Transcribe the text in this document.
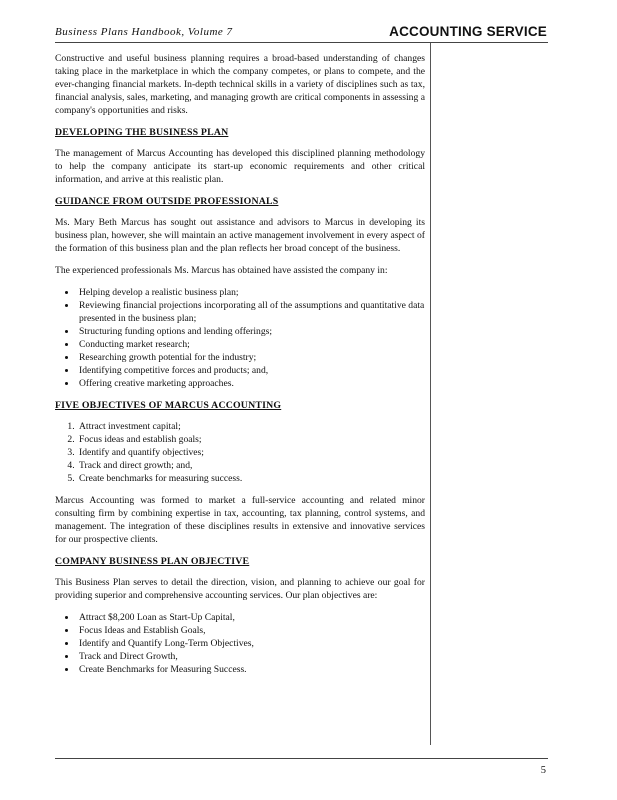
Business Plans Handbook, Volume 7	ACCOUNTING SERVICE

Constructive and useful business planning requires a broad-based understanding of changes taking place in the marketplace in which the company competes, or plans to compete, and the ever-changing financial markets. In-depth technical skills in a variety of disciplines such as tax, financial analysis, sales, marketing, and managing growth are critical components in assessing a company's opportunities and risks.

DEVELOPING THE BUSINESS PLAN

The management of Marcus Accounting has developed this disciplined planning methodology to help the company anticipate its start-up economic requirements and other critical information, and arrive at this realistic plan.

GUIDANCE FROM OUTSIDE PROFESSIONALS

Ms. Mary Beth Marcus has sought out assistance and advisors to Marcus in developing its business plan, however, she will maintain an active management involvement in every aspect of the formation of this business plan and the plan reflects her broad concept of the business.

The experienced professionals Ms. Marcus has obtained have assisted the company in:

• Helping develop a realistic business plan;
• Reviewing financial projections incorporating all of the assumptions and quantitative data presented in the business plan;
• Structuring funding options and lending offerings;
• Conducting market research;
• Researching growth potential for the industry;
• Identifying competitive forces and products; and,
• Offering creative marketing approaches.
FIVE OBJECTIVES OF MARCUS ACCOUNTING
1. Attract investment capital;
2. Focus ideas and establish goals;
3. Identify and quantify objectives;
4. Track and direct growth; and,
5. Create benchmarks for measuring success.

Marcus Accounting was formed to market a full-service accounting and related minor consulting firm by combining expertise in tax, accounting, tax planning, control systems, and management. The integration of these disciplines results in extensive and innovative services for our prospective clients.

COMPANY BUSINESS PLAN OBJECTIVE

This Business Plan serves to detail the direction, vision, and planning to achieve our goal for providing superior and comprehensive accounting services. Our plan objectives are:

• Attract $8,200 Loan as Start-Up Capital,
• Focus Ideas and Establish Goals,
• Identify and Quantify Long-Term Objectives,
• Track and Direct Growth,
• Create Benchmarks for Measuring Success.
5
